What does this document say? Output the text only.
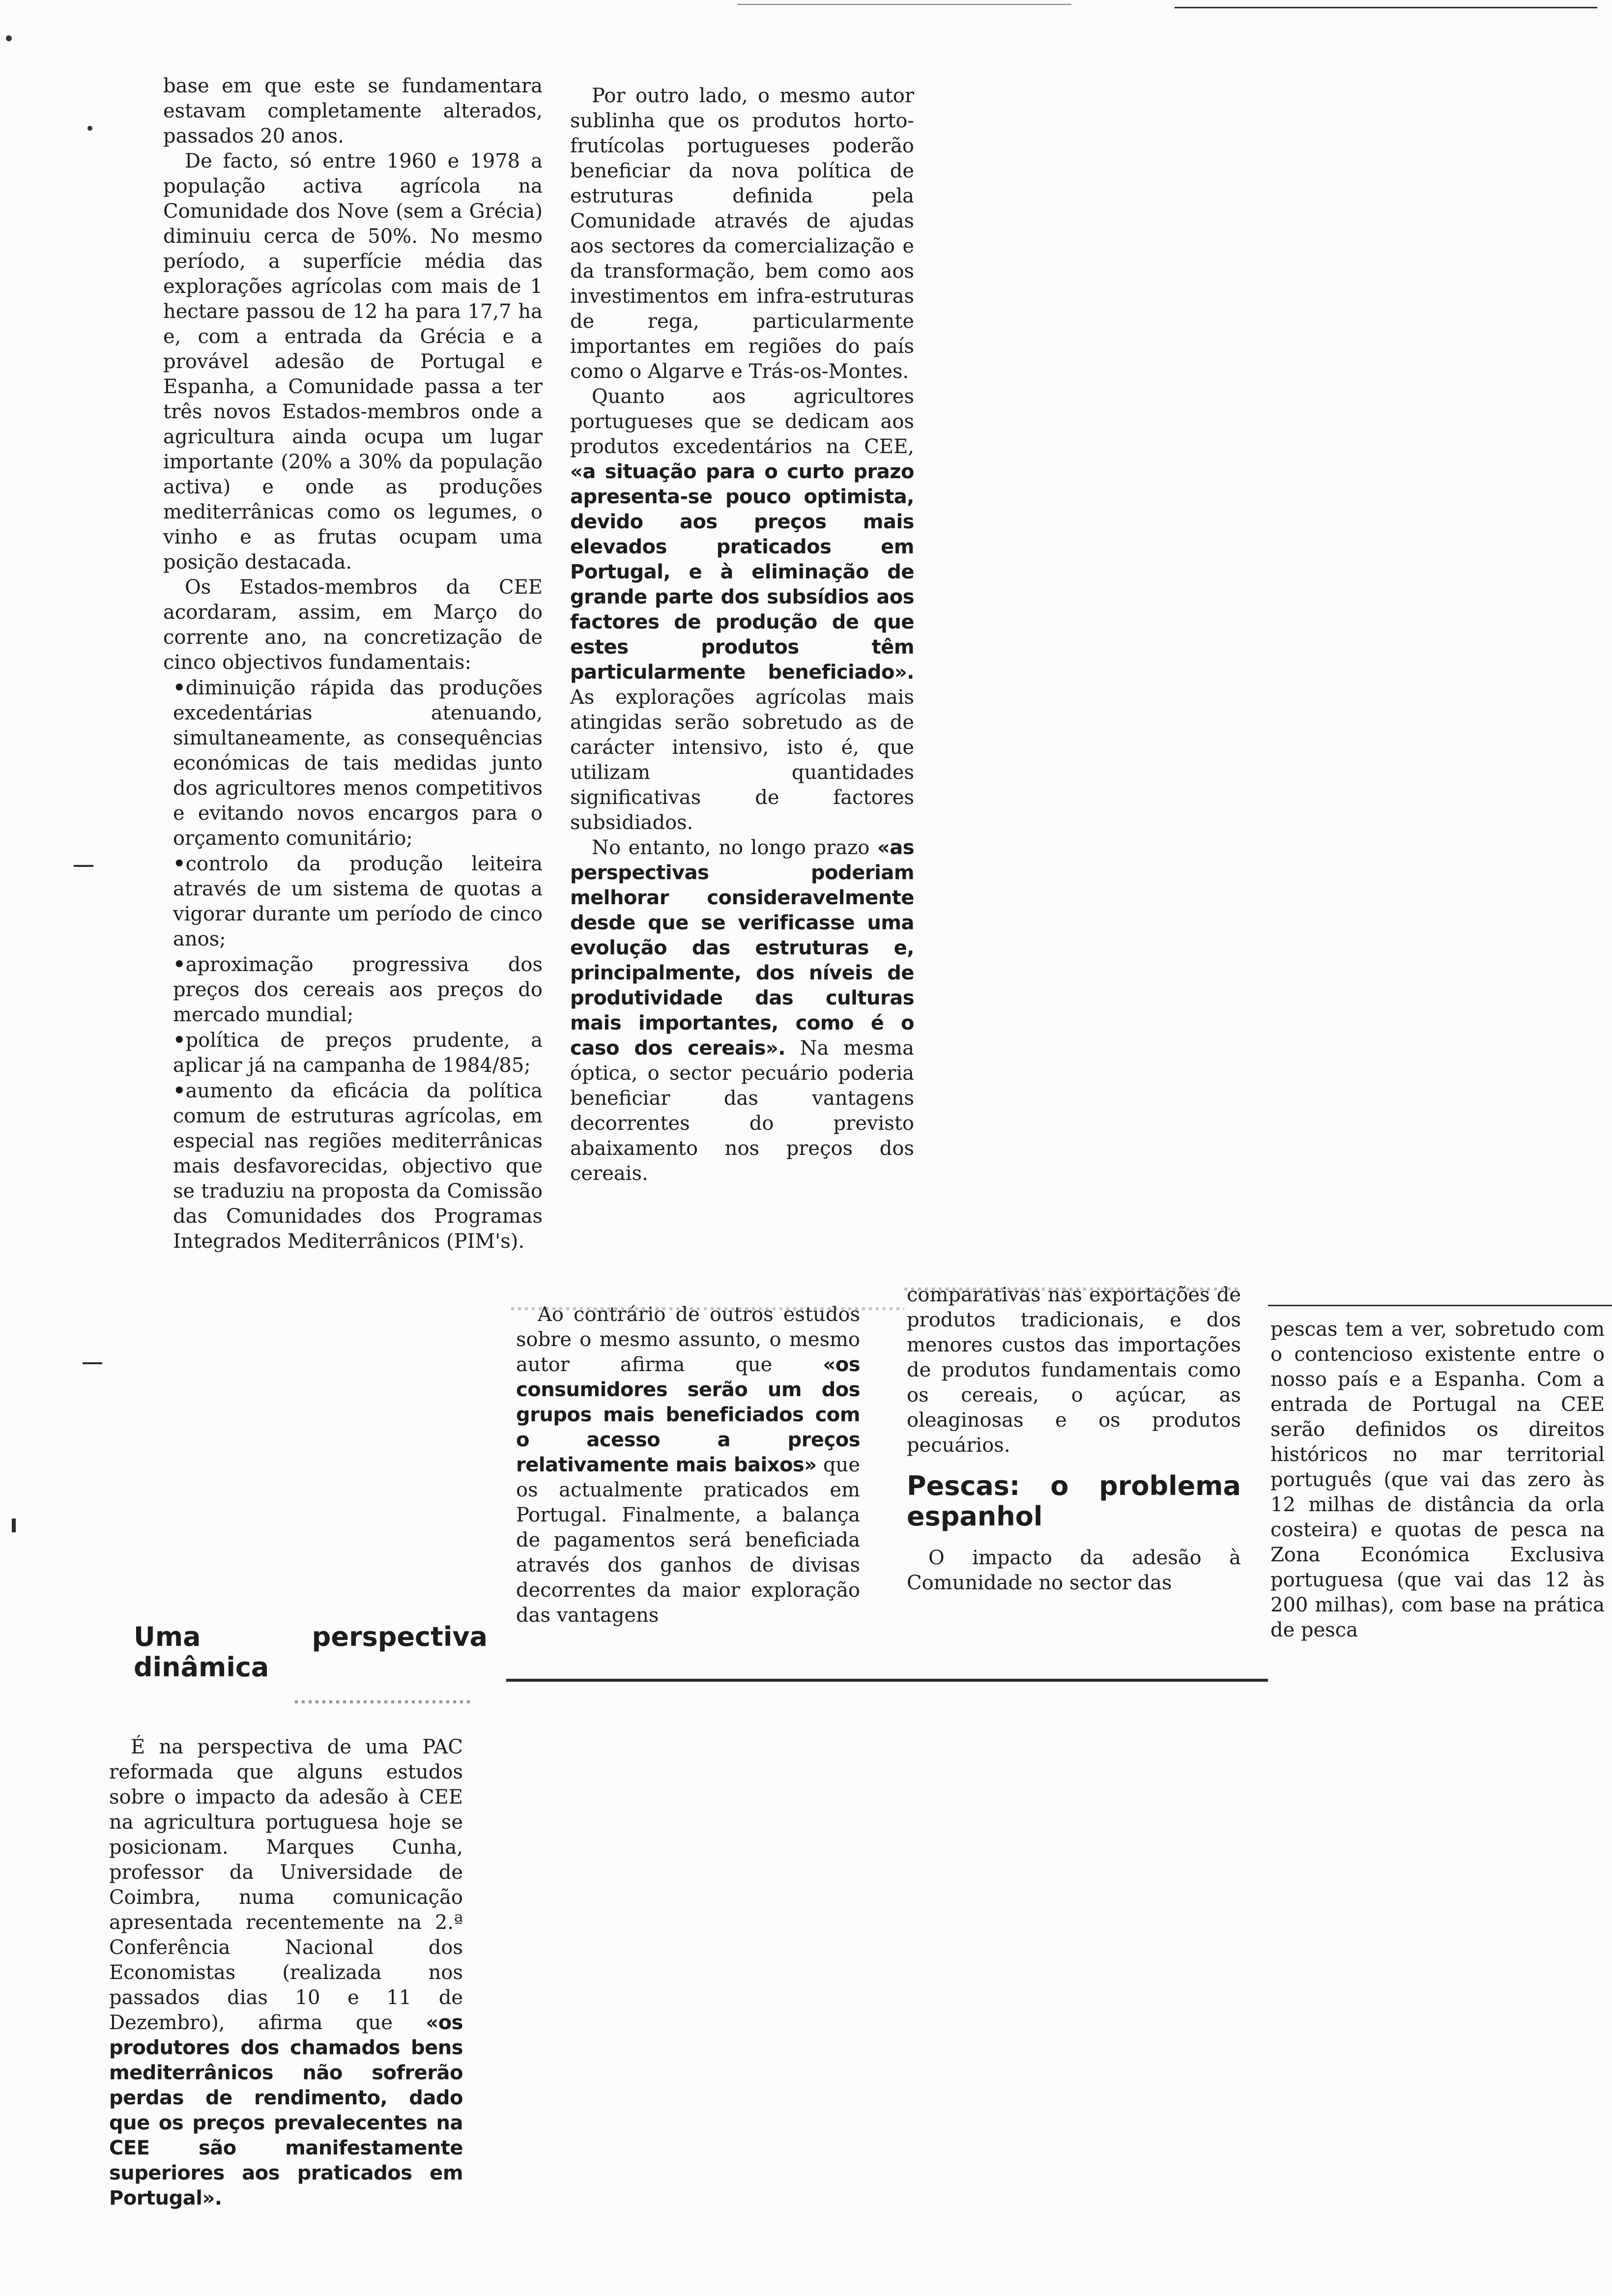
base em que este se fundamentara estavam completamente alterados, passados 20 anos.

De facto, só entre 1960 e 1978 a população activa agrícola na Comunidade dos Nove (sem a Grécia) diminuiu cerca de 50%. No mesmo período, a superfície média das explorações agrícolas com mais de 1 hectare passou de 12 ha para 17,7 ha e, com a entrada da Grécia e a provável adesão de Portugal e Espanha, a Comunidade passa a ter três novos Estados-membros onde a agricultura ainda ocupa um lugar importante (20% a 30% da população activa) e onde as produções mediterrânicas como os legumes, o vinho e as frutas ocupam uma posição destacada.

Os Estados-membros da CEE acordaram, assim, em Março do corrente ano, na concretização de cinco objectivos fundamentais:

• diminuição rápida das produções excedentárias atenuando, simultaneamente, as consequências económicas de tais medidas junto dos agricultores menos competitivos e evitando novos encargos para o orçamento comunitário;

• controlo da produção leiteira através de um sistema de quotas a vigorar durante um período de cinco anos;

• aproximação progressiva dos preços dos cereais aos preços do mercado mundial;

• política de preços prudente, a aplicar já na campanha de 1984/85;

• aumento da eficácia da política comum de estruturas agrícolas, em especial nas regiões mediterrânicas mais desfavorecidas, objectivo que se traduziu na proposta da Comissão das Comunidades dos Programas Integrados Mediterrânicos (PIM's).

Uma perspectiva dinâmica

É na perspectiva de uma PAC reformada que alguns estudos sobre o impacto da adesão à CEE na agricultura portuguesa hoje se posicionam. Marques Cunha, professor da Universidade de Coimbra, numa comunicação apresentada recentemente na 2.ª Conferência Nacional dos Economistas (realizada nos passados dias 10 e 11 de Dezembro), afirma que «os produtores dos chamados bens mediterrânicos não sofrerão perdas de rendimento, dado que os preços prevalecentes na CEE são manifestamente superiores aos praticados em Portugal».

Por outro lado, o mesmo autor sublinha que os produtos horto-frutícolas portugueses poderão beneficiar da nova política de estruturas definida pela Comunidade através de ajudas aos sectores da comercialização e da transformação, bem como aos investimentos em infra-estruturas de rega, particularmente importantes em regiões do país como o Algarve e Trás-os-Montes.

Quanto aos agricultores portugueses que se dedicam aos produtos excedentários na CEE, «a situação para o curto prazo apresenta-se pouco optimista, devido aos preços mais elevados praticados em Portugal, e à eliminação de grande parte dos subsídios aos factores de produção de que estes produtos têm particularmente beneficiado». As explorações agrícolas mais atingidas serão sobretudo as de carácter intensivo, isto é, que utilizam quantidades significativas de factores subsidiados.

No entanto, no longo prazo «as perspectivas poderiam melhorar consideravelmente desde que se verificasse uma evolução das estruturas e, principalmente, dos níveis de produtividade das culturas mais importantes, como é o caso dos cereais». Na mesma óptica, o sector pecuário poderia beneficiar das vantagens decorrentes do previsto abaixamento nos preços dos cereais.

Ao contrário de outros estudos sobre o mesmo assunto, o mesmo autor afirma que	«os consumidores serão um dos grupos mais beneficiados com o acesso a preços relativamente mais baixos» que os actualmente praticados em Portugal. Finalmente, a balança de pagamentos será beneficiada através dos ganhos de divisas decorrentes da maior exploração das vantagens

comparativas nas exportações de produtos tradicionais, e dos menores custos das importações de produtos fundamentais como os cereais, o açúcar, as oleaginosas e os produtos pecuários.

Pescas: o problema espanhol

O impacto da adesão à Comunidade no sector das

pescas tem a ver, sobretudo com o contencioso existente entre o nosso país e a Espanha. Com a entrada de Portugal na CEE serão definidos os direitos históricos no mar territorial português (que vai das zero às 12 milhas de distância da orla costeira) e quotas de pesca na Zona Económica Exclusiva portuguesa (que vai das 12 às 200 milhas), com base na prática de pesca
